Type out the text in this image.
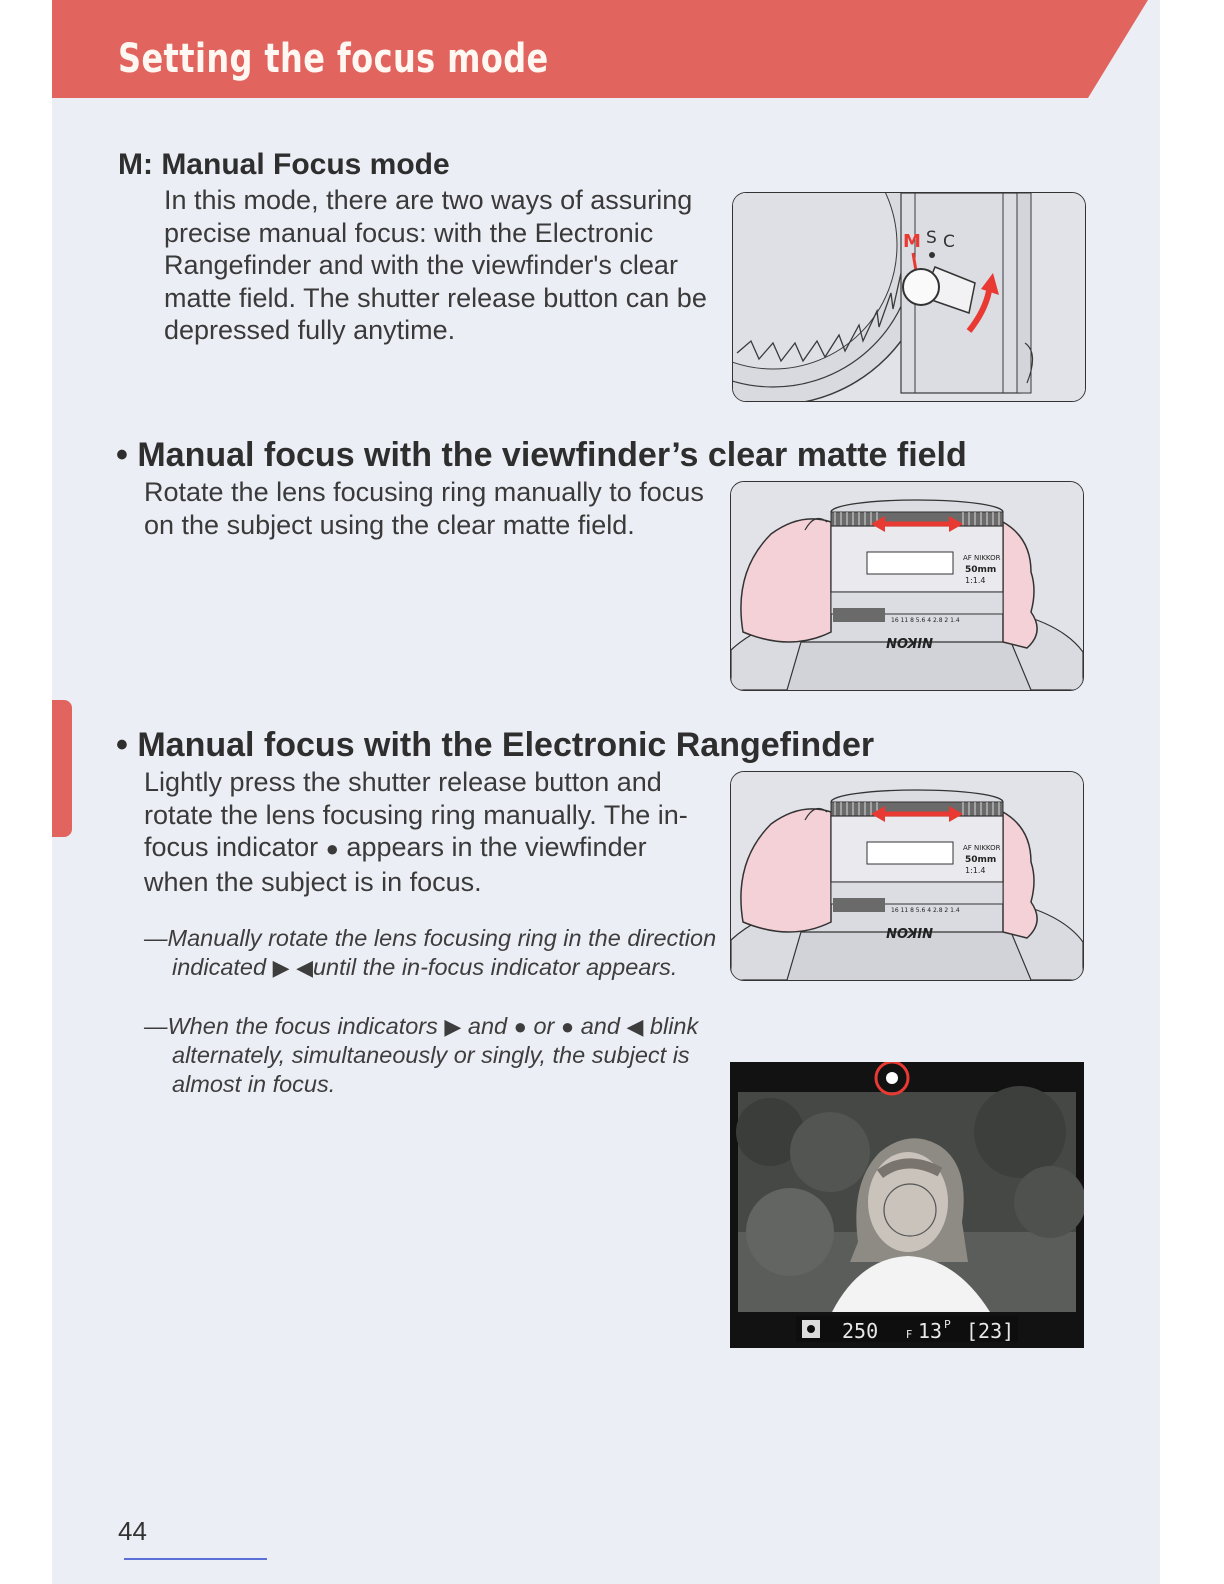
Setting the focus mode
M: Manual Focus mode

In this mode, there are two ways of assuring precise manual focus: with the Electronic Rangefinder and with the viewfinder's clear matte field. The shutter release button can be depressed fully anytime.

M S C
• Manual focus with the viewfinder’s clear matte field

Rotate the lens focusing ring manually to focus on the subject using the clear matte field.

AF NIKKOR
50mm
1:1.4
16 11 8 5.6 4 2.8 2 1.4
NIKON
• Manual focus with the Electronic Rangefinder

Lightly press the shutter release button and rotate the lens focusing ring manually. The in-focus indicator ● appears in the viewfinder when the subject is in focus.

—Manually rotate the lens focusing ring in the direction indicated ▶ ◀until the in-focus indicator appears.

—When the focus indicators ▶ and ● or ● and ◀ blink alternately, simultaneously or singly, the subject is almost in focus.

AF NIKKOR
50mm
1:1.4
16 11 8 5.6 4 2.8 2 1.4
NIKON
250	F 13 P [23]

44
